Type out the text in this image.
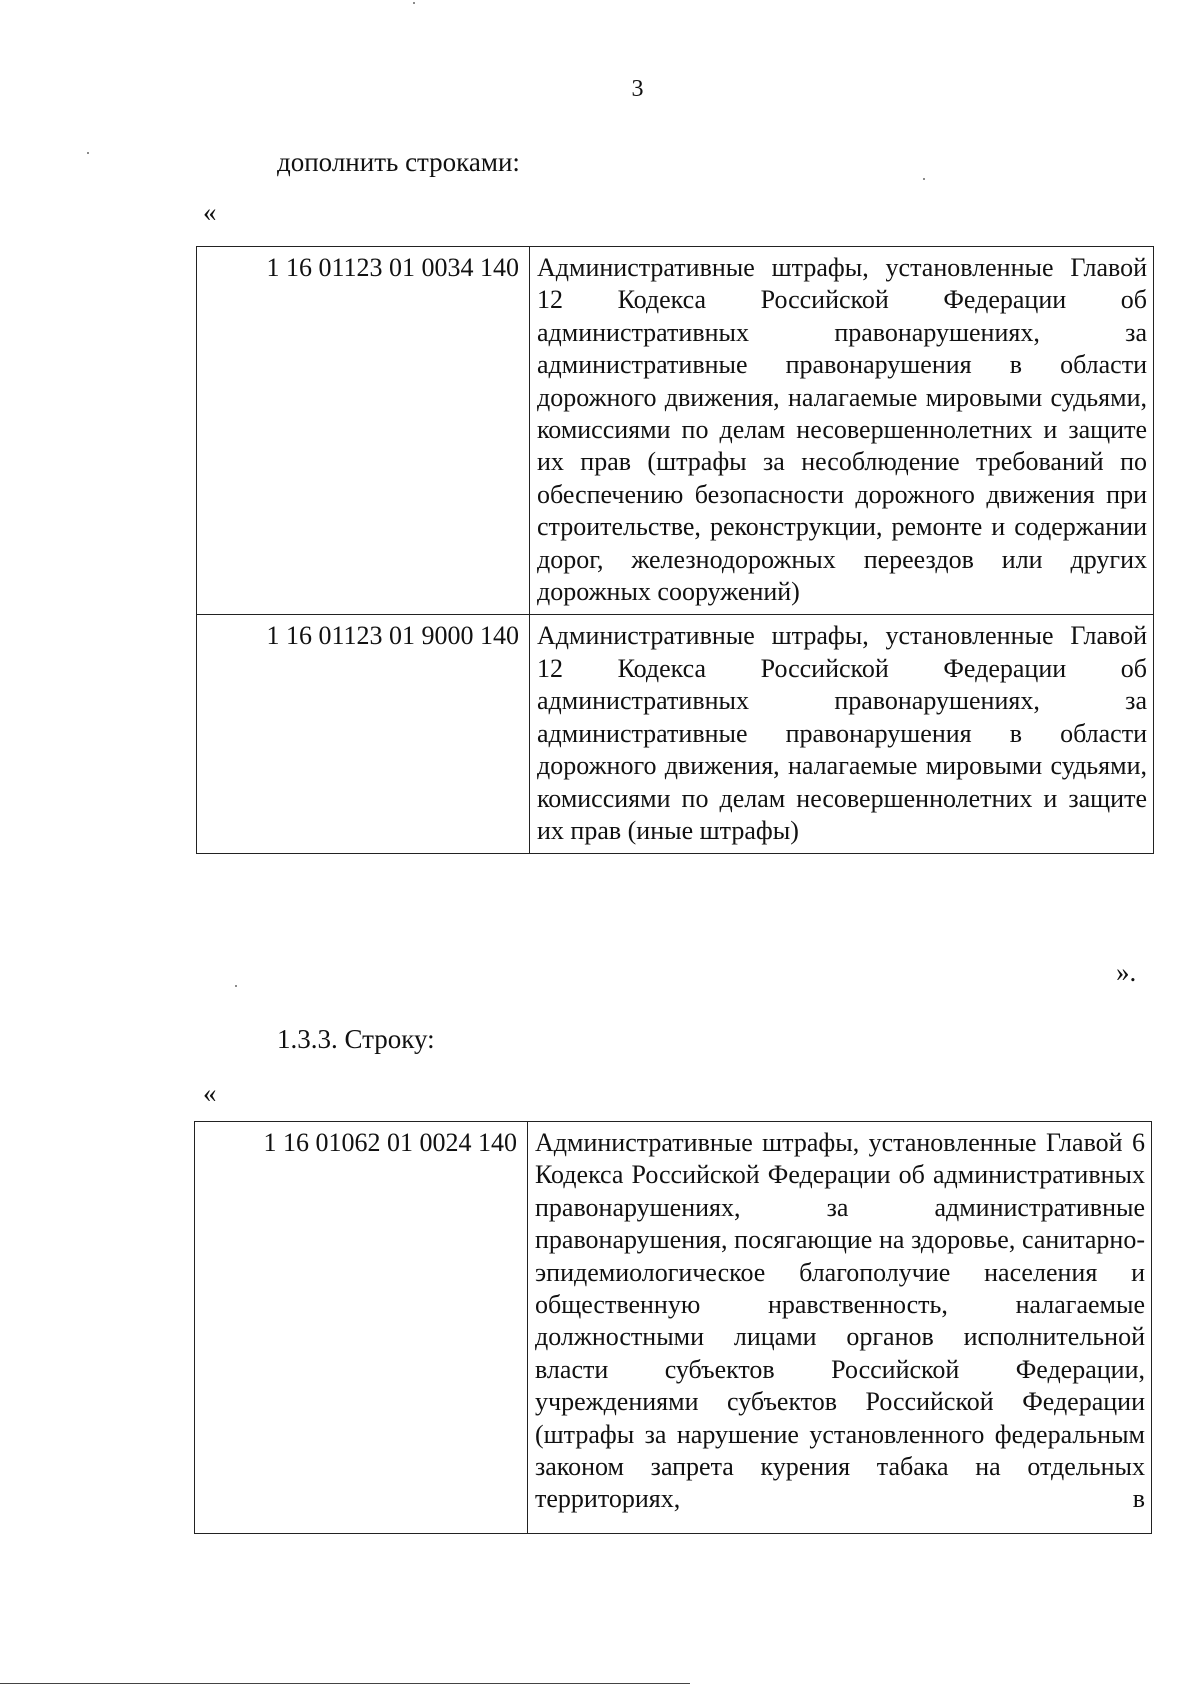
3
дополнить строками:
«
1 16 01123 01 0034 140	Административные штрафы, установленные Главой 12 Кодекса Российской Федерации об административных правонарушениях, за административные правонарушения в области дорожного движения, налагаемые мировыми судьями, комиссиями по делам несовершеннолетних и защите их прав (штрафы за несоблюдение требований по обеспечению безопасности дорожного движения при строительстве, реконструкции, ремонте и содержании дорог, железнодорожных переездов или других дорожных сооружений)
1 16 01123 01 9000 140	Административные штрафы, установленные Главой 12 Кодекса Российской Федерации об административных правонарушениях, за административные правонарушения в области дорожного движения, налагаемые мировыми судьями, комиссиями по делам несовершеннолетних и защите их прав (иные штрафы)
».
1.3.3. Строку:
«
1 16 01062 01 0024 140	Административные штрафы, установленные Главой 6 Кодекса Российской Федерации об административных правонарушениях, за административные правонарушения, посягающие на здоровье, санитарно-эпидемиологическое благополучие населения и общественную нравственность, налагаемые должностными лицами органов исполнительной власти субъектов Российской Федерации, учреждениями субъектов Российской Федерации (штрафы за нарушение установленного федеральным законом запрета курения табака на отдельных территориях, в
